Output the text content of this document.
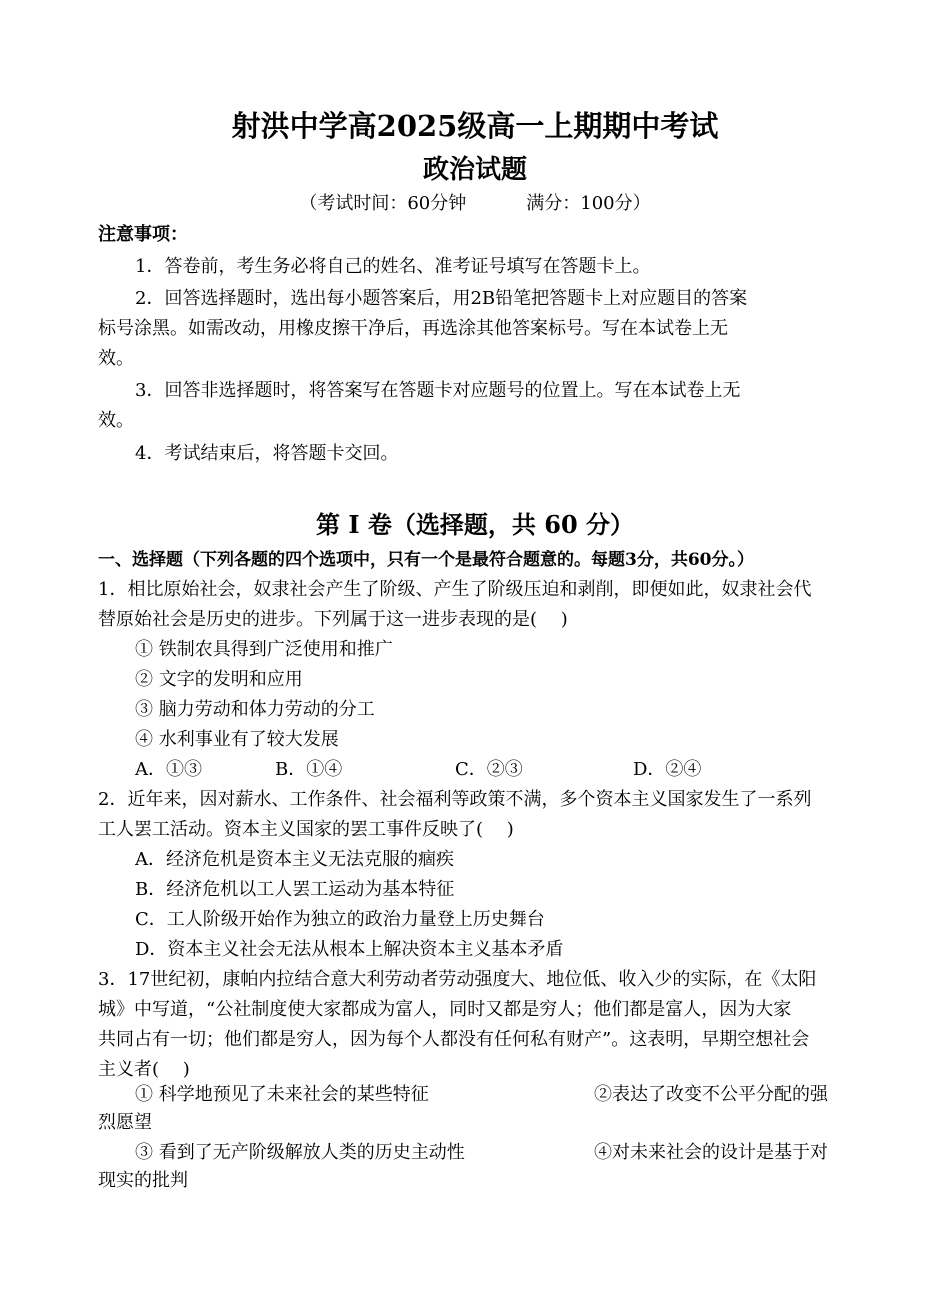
射洪中学高2025级高一上期期中考试
政治试题
（考试时间：60分钟	满分：100分）
注意事项：
1．答卷前，考生务必将自己的姓名、准考证号填写在答题卡上。
2．回答选择题时，选出每小题答案后，用2B铅笔把答题卡上对应题目的答案
标号涂黑。如需改动，用橡皮擦干净后，再选涂其他答案标号。写在本试卷上无
效。
3．回答非选择题时，将答案写在答题卡对应题号的位置上。写在本试卷上无
效。
4．考试结束后，将答题卡交回。
第 I 卷（选择题，共 60 分）
一、选择题（下列各题的四个选项中，只有一个是最符合题意的。每题3分，共60分。）
1．相比原始社会，奴隶社会产生了阶级、产生了阶级压迫和剥削，即便如此，奴隶社会代
替原始社会是历史的进步。下列属于这一进步表现的是(　 )
① 铁制农具得到广泛使用和推广
② 文字的发明和应用
③ 脑力劳动和体力劳动的分工
④ 水利事业有了较大发展
A．①③	B．①④	C．②③	D．②④
2．近年来，因对薪水、工作条件、社会福利等政策不满，多个资本主义国家发生了一系列
工人罢工活动。资本主义国家的罢工事件反映了(　 )
A．经济危机是资本主义无法克服的痼疾
B．经济危机以工人罢工运动为基本特征
C．工人阶级开始作为独立的政治力量登上历史舞台
D．资本主义社会无法从根本上解决资本主义基本矛盾
3．17世纪初，康帕内拉结合意大利劳动者劳动强度大、地位低、收入少的实际，在《太阳
城》中写道，“公社制度使大家都成为富人，同时又都是穷人；他们都是富人，因为大家
共同占有一切；他们都是穷人，因为每个人都没有任何私有财产”。这表明，早期空想社会
主义者(　 )
① 科学地预见了未来社会的某些特征	②表达了改变不公平分配的强
烈愿望
③ 看到了无产阶级解放人类的历史主动性	④对未来社会的设计是基于对
现实的批判
